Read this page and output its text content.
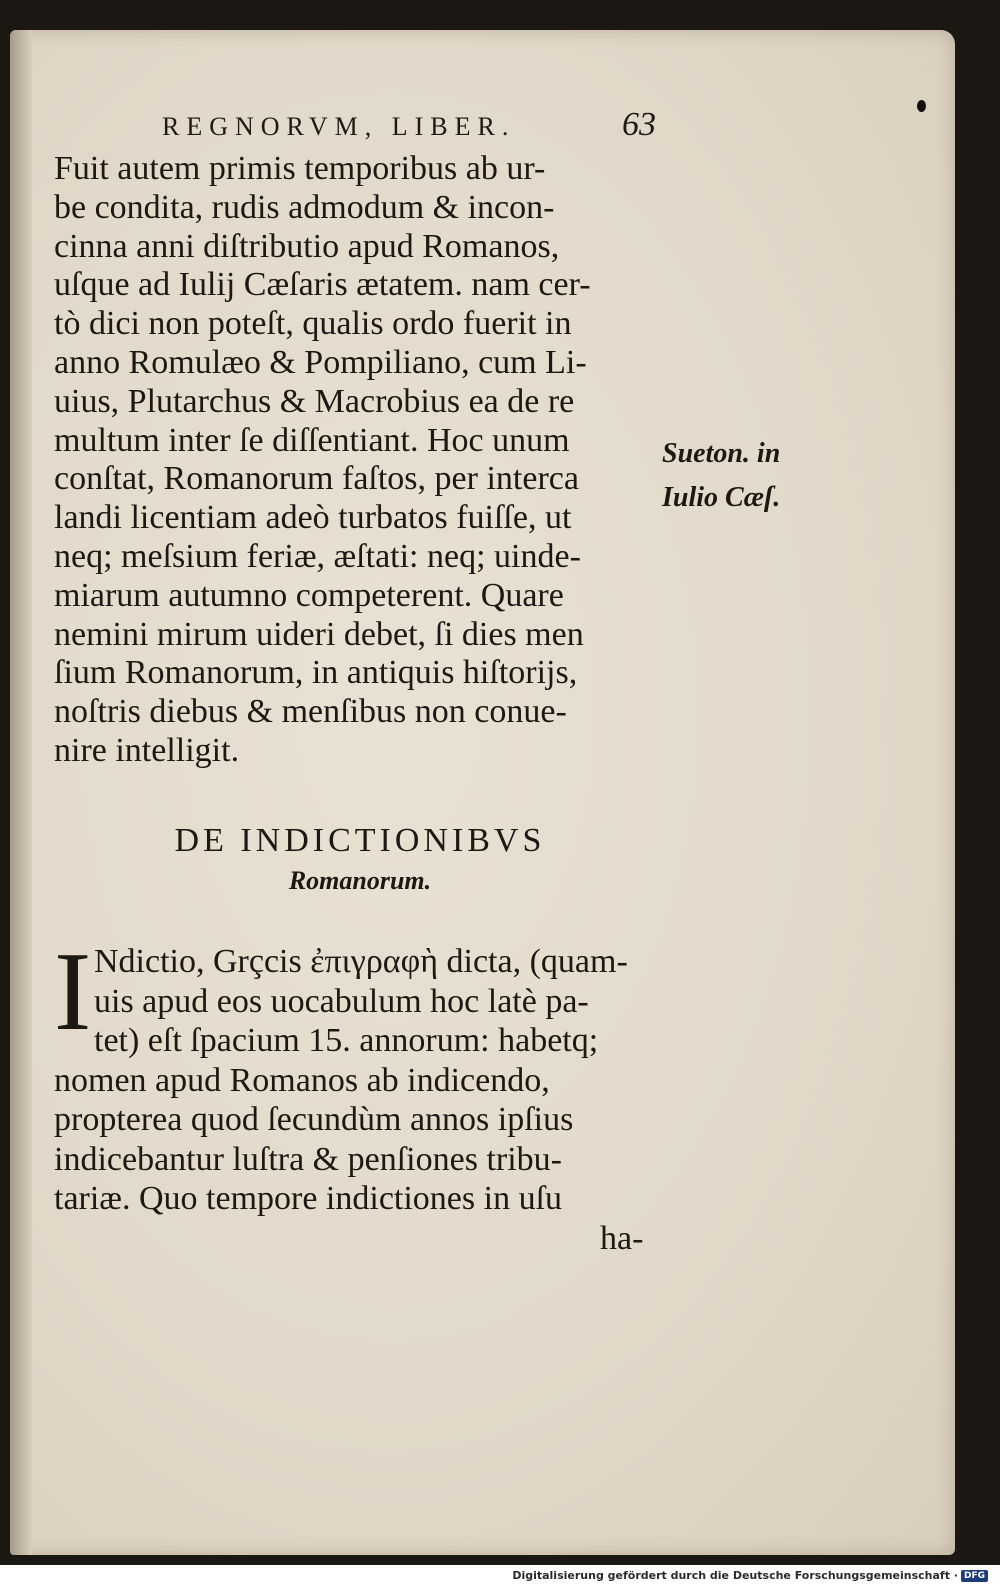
REGNORVM, LIBER.	63
Fuit autem primis temporibus ab ur-
be condita, rudis admodum & incon-
cinna anni diſtributio apud Romanos,
uſque ad Iulij Cæſaris ætatem. nam cer-
tò dici non poteſt, qualis ordo fuerit in
anno Romulæo & Pompiliano, cum Li-
uius, Plutarchus & Macrobius ea de re
multum inter ſe diſſentiant. Hoc unum
conſtat, Romanorum faſtos, per interca
landi licentiam adeò turbatos fuiſſe, ut
neq; meſsium feriæ, æſtati: neq; uinde-
miarum autumno competerent. Quare
nemini mirum uideri debet, ſi dies men
ſium Romanorum, in antiquis hiſtorijs,
noſtris diebus & menſibus non conue-
nire intelligit.
Sueton. in
Iulio Cæſ.
DE INDICTIONIBVS
Romanorum.
I Ndictio, Grçcis ἐπιγραφὴ dicta, (quam-
uis apud eos uocabulum hoc latè pa-
tet) eſt ſpacium 15. annorum: habetq;
nomen apud Romanos ab indicendo,
propterea quod ſecundùm annos ipſius
indicebantur luſtra & penſiones tribu-
tariæ. Quo tempore indictiones in uſu
ha-
Digitalisierung gefördert durch die Deutsche Forschungsgemeinschaft · DFG
